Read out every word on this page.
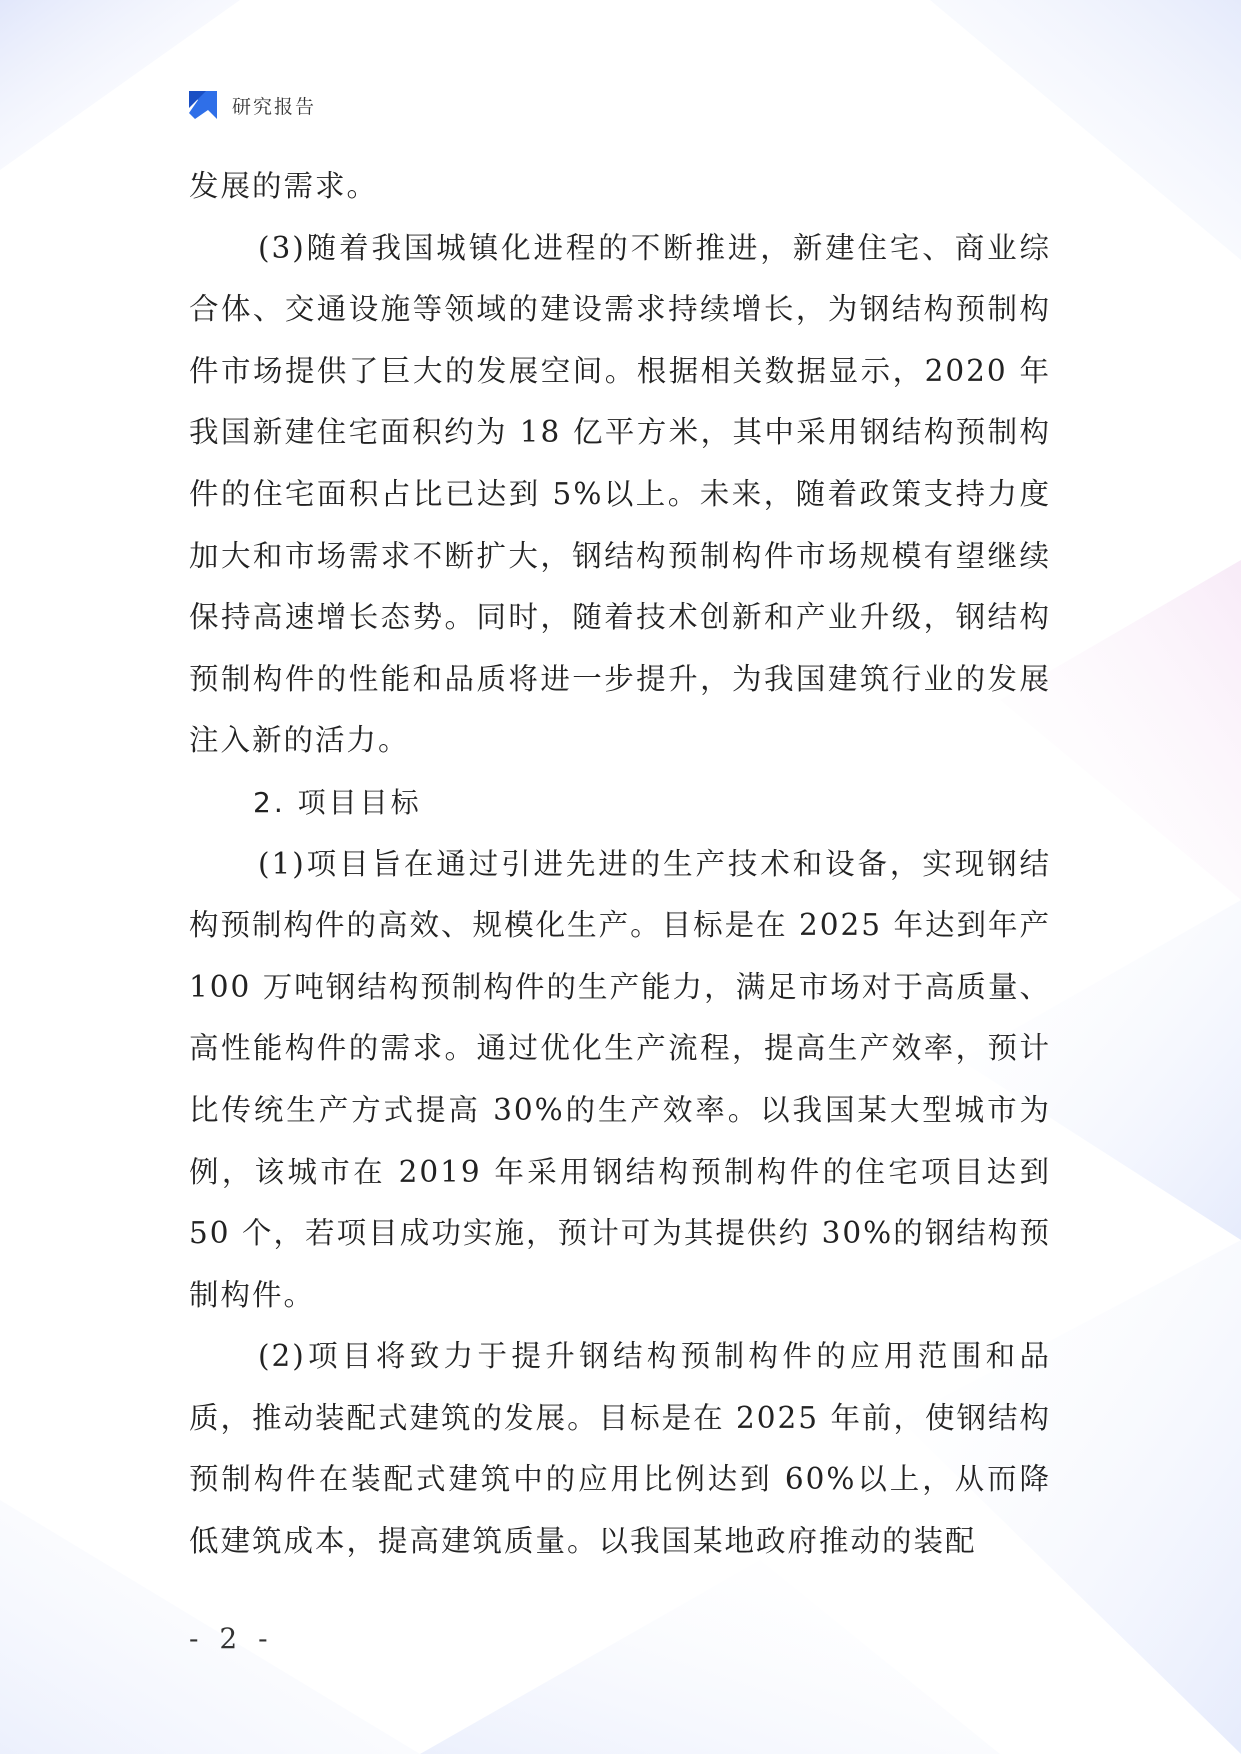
研究报告

发展的需求。

(3)随着我国城镇化进程的不断推进，新建住宅、商业综合体、交通设施等领域的建设需求持续增长，为钢结构预制构件市场提供了巨大的发展空间。根据相关数据显示，2020 年我国新建住宅面积约为 18 亿平方米，其中采用钢结构预制构件的住宅面积占比已达到 5%以上。未来，随着政策支持力度加大和市场需求不断扩大，钢结构预制构件市场规模有望继续保持高速增长态势。同时，随着技术创新和产业升级，钢结构预制构件的性能和品质将进一步提升，为我国建筑行业的发展注入新的活力。

2. 项目目标

(1)项目旨在通过引进先进的生产技术和设备，实现钢结构预制构件的高效、规模化生产。目标是在 2025 年达到年产 100 万吨钢结构预制构件的生产能力，满足市场对于高质量、高性能构件的需求。通过优化生产流程，提高生产效率，预计比传统生产方式提高 30%的生产效率。以我国某大型城市为例，该城市在 2019 年采用钢结构预制构件的住宅项目达到 50 个，若项目成功实施，预计可为其提供约 30%的钢结构预制构件。

(2)项目将致力于提升钢结构预制构件的应用范围和品质，推动装配式建筑的发展。目标是在 2025 年前，使钢结构预制构件在装配式建筑中的应用比例达到 60%以上，从而降低建筑成本，提高建筑质量。以我国某地政府推动的装配

- 2 -
